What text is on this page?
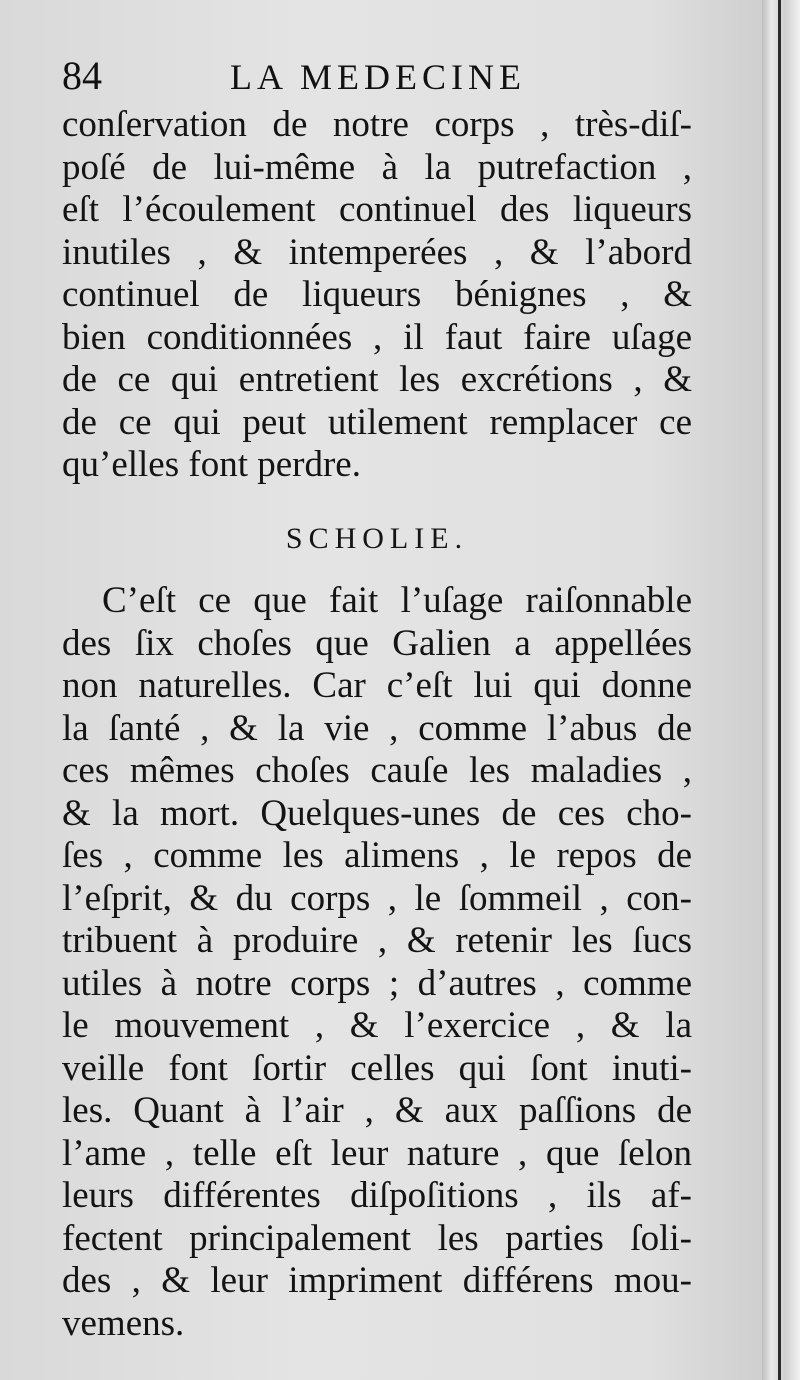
84	LA MEDECINE
conſervation de notre corps , très-diſ-
poſé de lui-même à la putrefaction ,
eſt l’écoulement continuel des liqueurs
inutiles , & intemperées , & l’abord
continuel de liqueurs bénignes , &
bien conditionnées , il faut faire uſage
de ce qui entretient les excrétions , &
de ce qui peut utilement remplacer ce
qu’elles font perdre.
SCHOLIE.
C’eſt ce que fait l’uſage raiſonnable
des ſix choſes que Galien a appellées
non naturelles. Car c’eſt lui qui donne
la ſanté , & la vie , comme l’abus de
ces mêmes choſes cauſe les maladies ,
& la mort. Quelques-unes de ces cho-
ſes , comme les alimens , le repos de
l’eſprit, & du corps , le ſommeil , con-
tribuent à produire , & retenir les ſucs
utiles à notre corps ; d’autres , comme
le mouvement , & l’exercice , & la
veille font ſortir celles qui ſont inuti-
les. Quant à l’air , & aux paſſions de
l’ame , telle eſt leur nature , que ſelon
leurs différentes diſpoſitions , ils af-
fectent principalement les parties ſoli-
des , & leur impriment différens mou-
vemens.
